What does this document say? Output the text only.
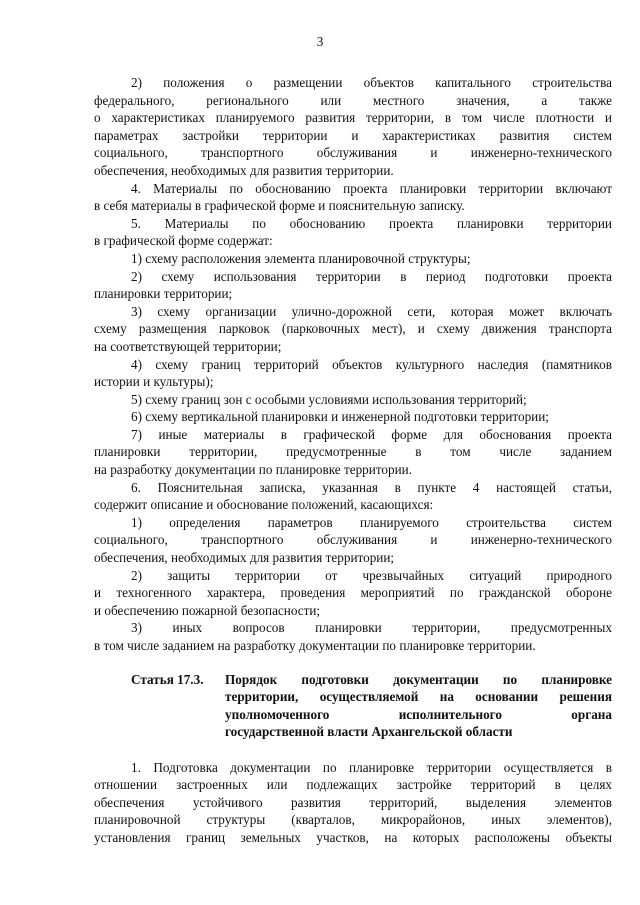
3
2) положения о размещении объектов капитального строительства
федерального, регионального или местного значения, а также
о характеристиках планируемого развития территории, в том числе плотности и
параметрах застройки территории и характеристиках развития систем
социального, транспортного обслуживания и инженерно-технического
обеспечения, необходимых для развития территории.
4. Материалы по обоснованию проекта планировки территории включают
в себя материалы в графической форме и пояснительную записку.
5. Материалы по обоснованию проекта планировки территории
в графической форме содержат:
1) схему расположения элемента планировочной структуры;
2) схему использования территории в период подготовки проекта
планировки территории;
3) схему организации улично-дорожной сети, которая может включать
схему размещения парковок (парковочных мест), и схему движения транспорта
на соответствующей территории;
4) схему границ территорий объектов культурного наследия (памятников
истории и культуры);
5) схему границ зон с особыми условиями использования территорий;
6) схему вертикальной планировки и инженерной подготовки территории;
7) иные материалы в графической форме для обоснования проекта
планировки территории, предусмотренные в том числе заданием
на разработку документации по планировке территории.
6. Пояснительная записка, указанная в пункте 4 настоящей статьи,
содержит описание и обоснование положений, касающихся:
1) определения параметров планируемого строительства систем
социального, транспортного обслуживания и инженерно-технического
обеспечения, необходимых для развития территории;
2) защиты территории от чрезвычайных ситуаций природного
и техногенного характера, проведения мероприятий по гражданской обороне
и обеспечению пожарной безопасности;
3) иных вопросов планировки территории, предусмотренных
в том числе заданием на разработку документации по планировке территории.
Статья 17.3. Порядок подготовки документации по планировке
территории, осуществляемой на основании решения
уполномоченного исполнительного органа
государственной власти Архангельской области
1. Подготовка документации по планировке территории осуществляется в
отношении застроенных или подлежащих застройке территорий в целях
обеспечения устойчивого развития территорий, выделения элементов
планировочной структуры (кварталов, микрорайонов, иных элементов),
установления границ земельных участков, на которых расположены объекты
